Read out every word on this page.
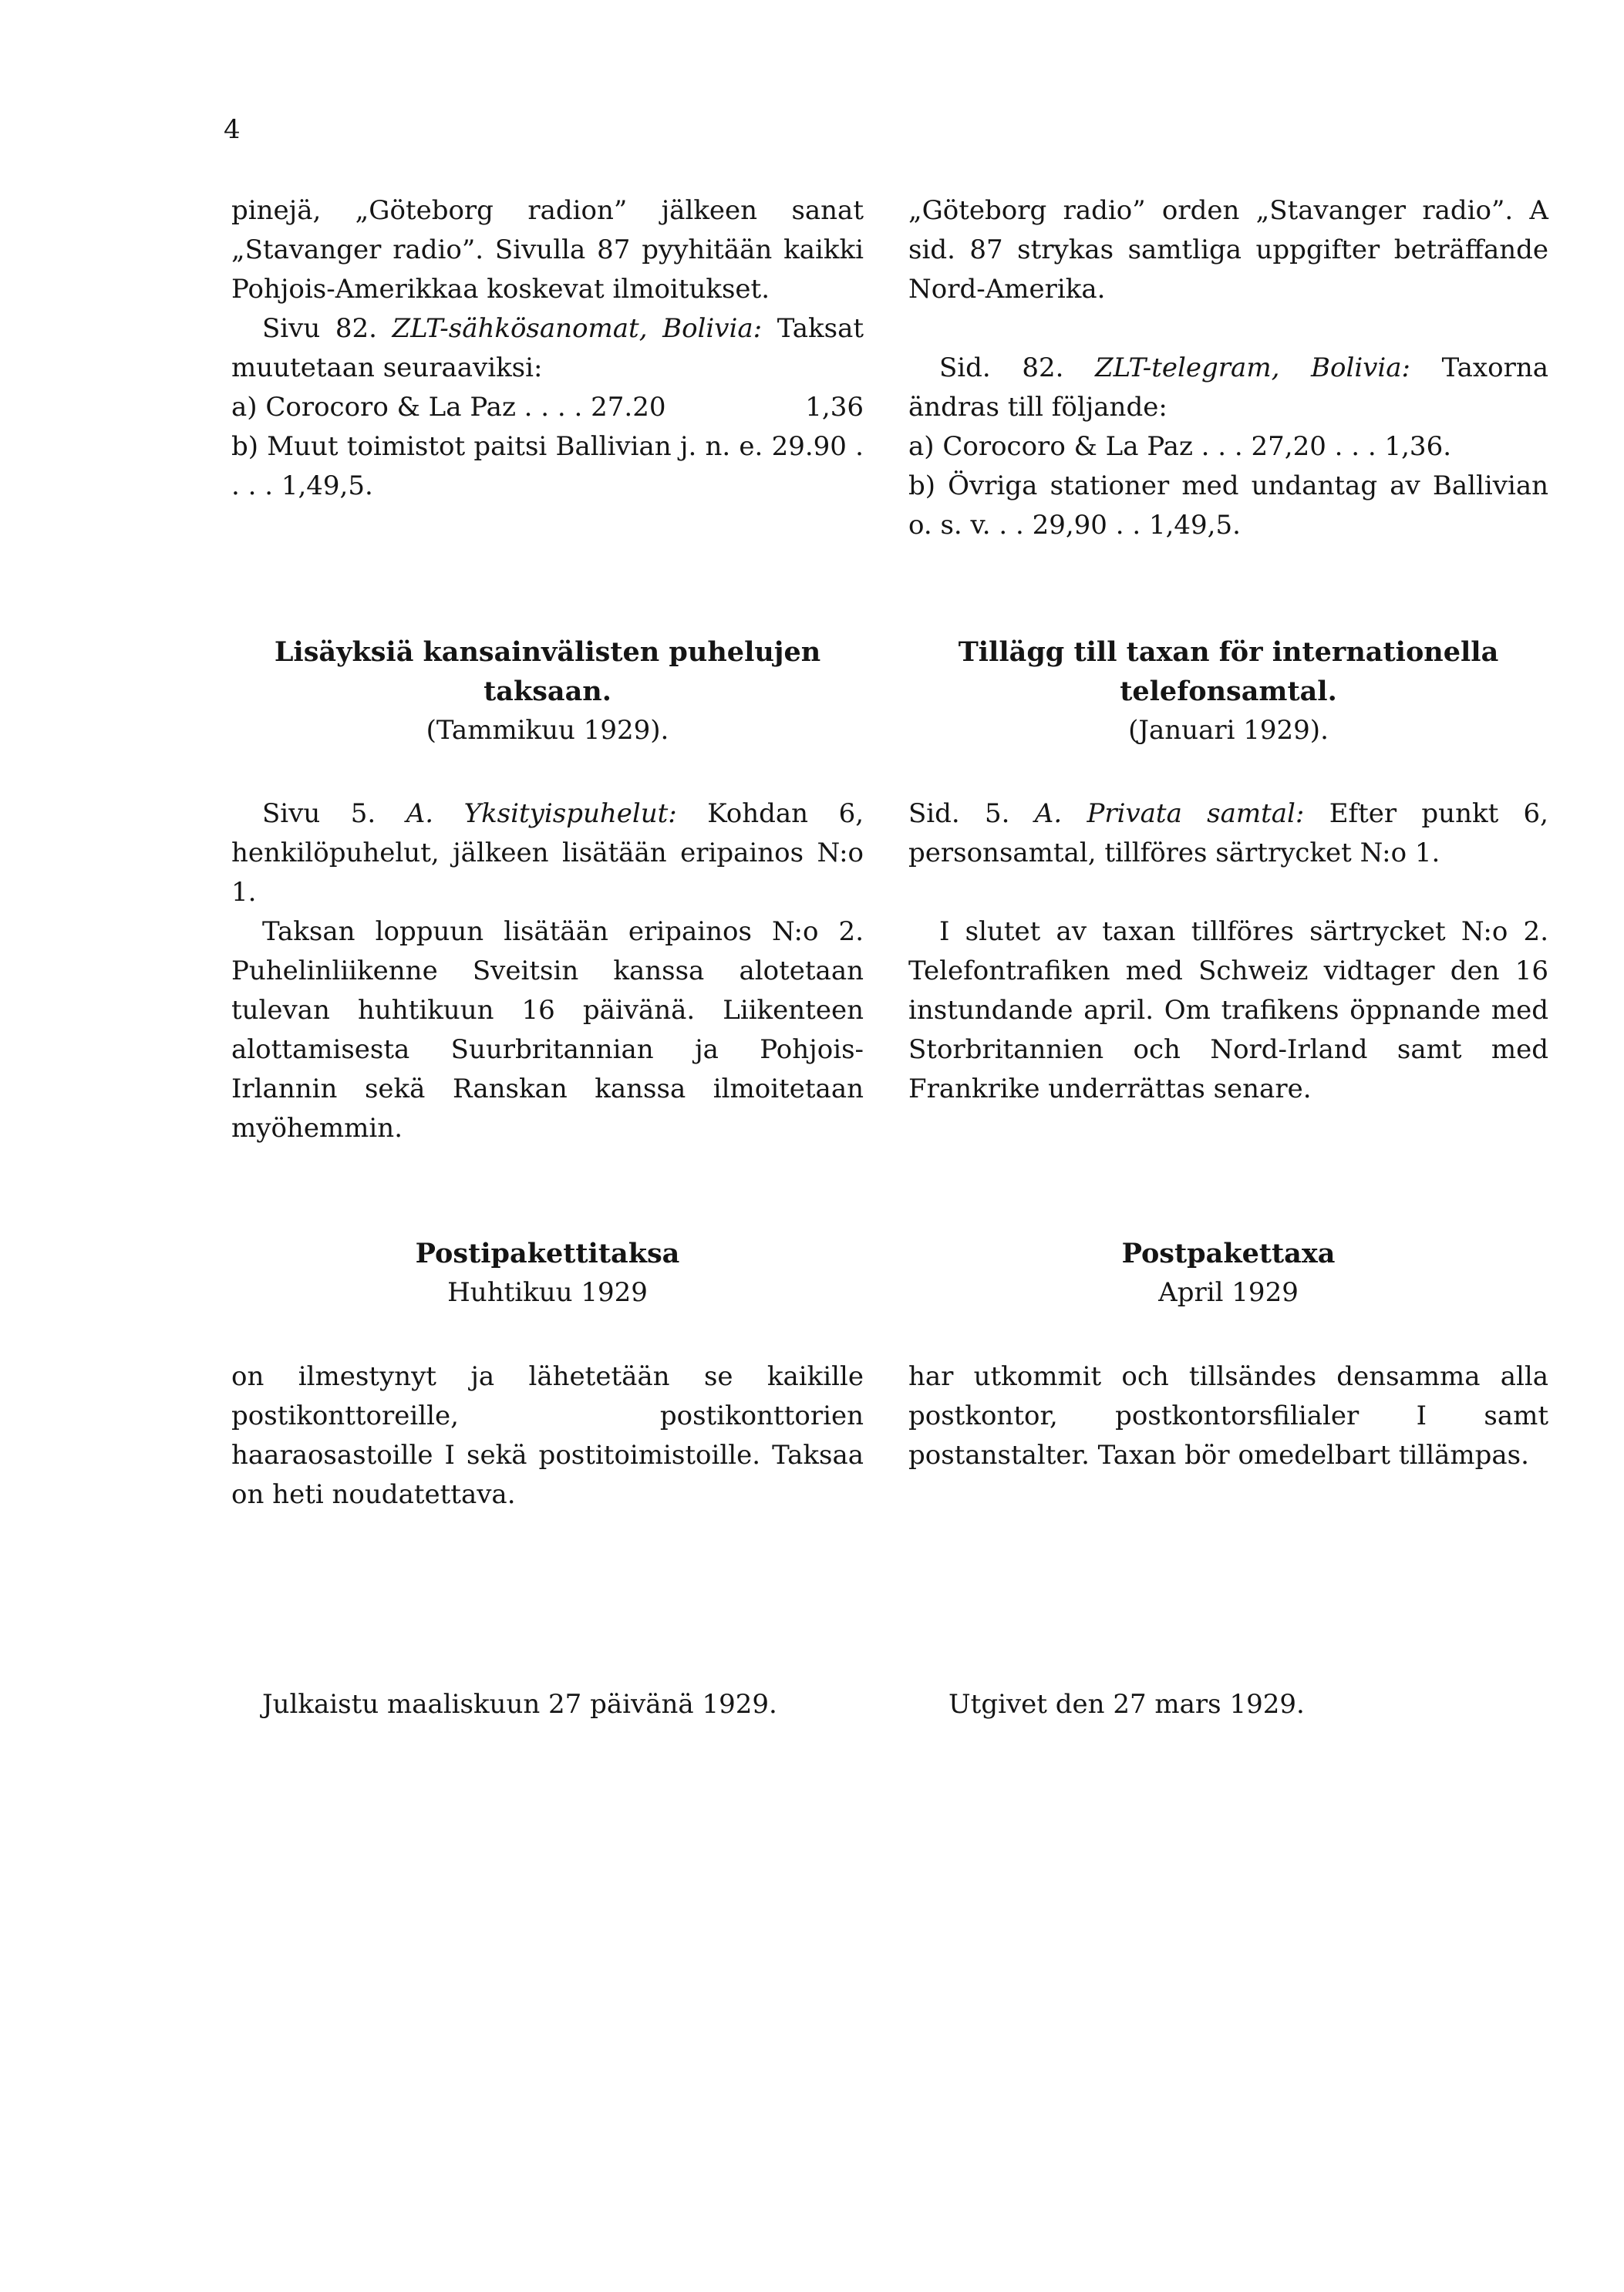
4

pinejä, „Göteborg radion” jälkeen sanat „Stavanger radio”. Sivulla 87 pyyhitään kaikki Pohjois-Amerikkaa koskevat ilmoitukset.

Sivu 82. ZLT-sähkösanomat, Bolivia: Taksat muutetaan seuraaviksi:

a) Corocoro & La Paz . . . . 27.20	1,36

b) Muut toimistot paitsi Ballivian j. n. e. 29.90 . . . . 1,49,5.

Lisäyksiä kansainvälisten puhelujen

taksaan.

(Tammikuu 1929).

Sivu 5. A. Yksityispuhelut: Kohdan 6, henkilöpuhelut, jälkeen lisätään eripainos N:o 1.

Taksan loppuun lisätään eripainos N:o 2. Puhelinliikenne Sveitsin kanssa alotetaan tulevan huhtikuun 16 päivänä. Liikenteen alottamisesta Suurbritannian ja Pohjois-Irlannin sekä Ranskan kanssa ilmoitetaan myöhemmin.

Postipakettitaksa

Huhtikuu 1929

on ilmestynyt ja lähetetään se kaikille postikonttoreille, postikonttorien haaraosastoille I sekä postitoimistoille. Taksaa on heti noudatettava.

Julkaistu maaliskuun 27 päivänä 1929.

„Göteborg radio” orden „Stavanger radio”. A sid. 87 strykas samtliga uppgifter beträffande Nord-Amerika.

Sid. 82. ZLT-telegram, Bolivia: Taxorna ändras till följande:

a) Corocoro & La Paz . . . 27,20 . . . 1,36.

b) Övriga stationer med undantag av Ballivian o. s. v. . . 29,90 . . 1,49,5.

Tillägg till taxan för internationella

telefonsamtal.

(Januari 1929).

Sid. 5. A. Privata samtal: Efter punkt 6, personsamtal, tillföres särtrycket N:o 1.

I slutet av taxan tillföres särtrycket N:o 2. Telefontrafiken med Schweiz vidtager den 16 instundande april. Om trafikens öppnande med Storbritannien och Nord-Irland samt med Frankrike underrättas senare.

Postpakettaxa

April 1929

har utkommit och tillsändes densamma alla postkontor, postkontorsfilialer I samt postanstalter. Taxan bör omedelbart tillämpas.

Utgivet den 27 mars 1929.
